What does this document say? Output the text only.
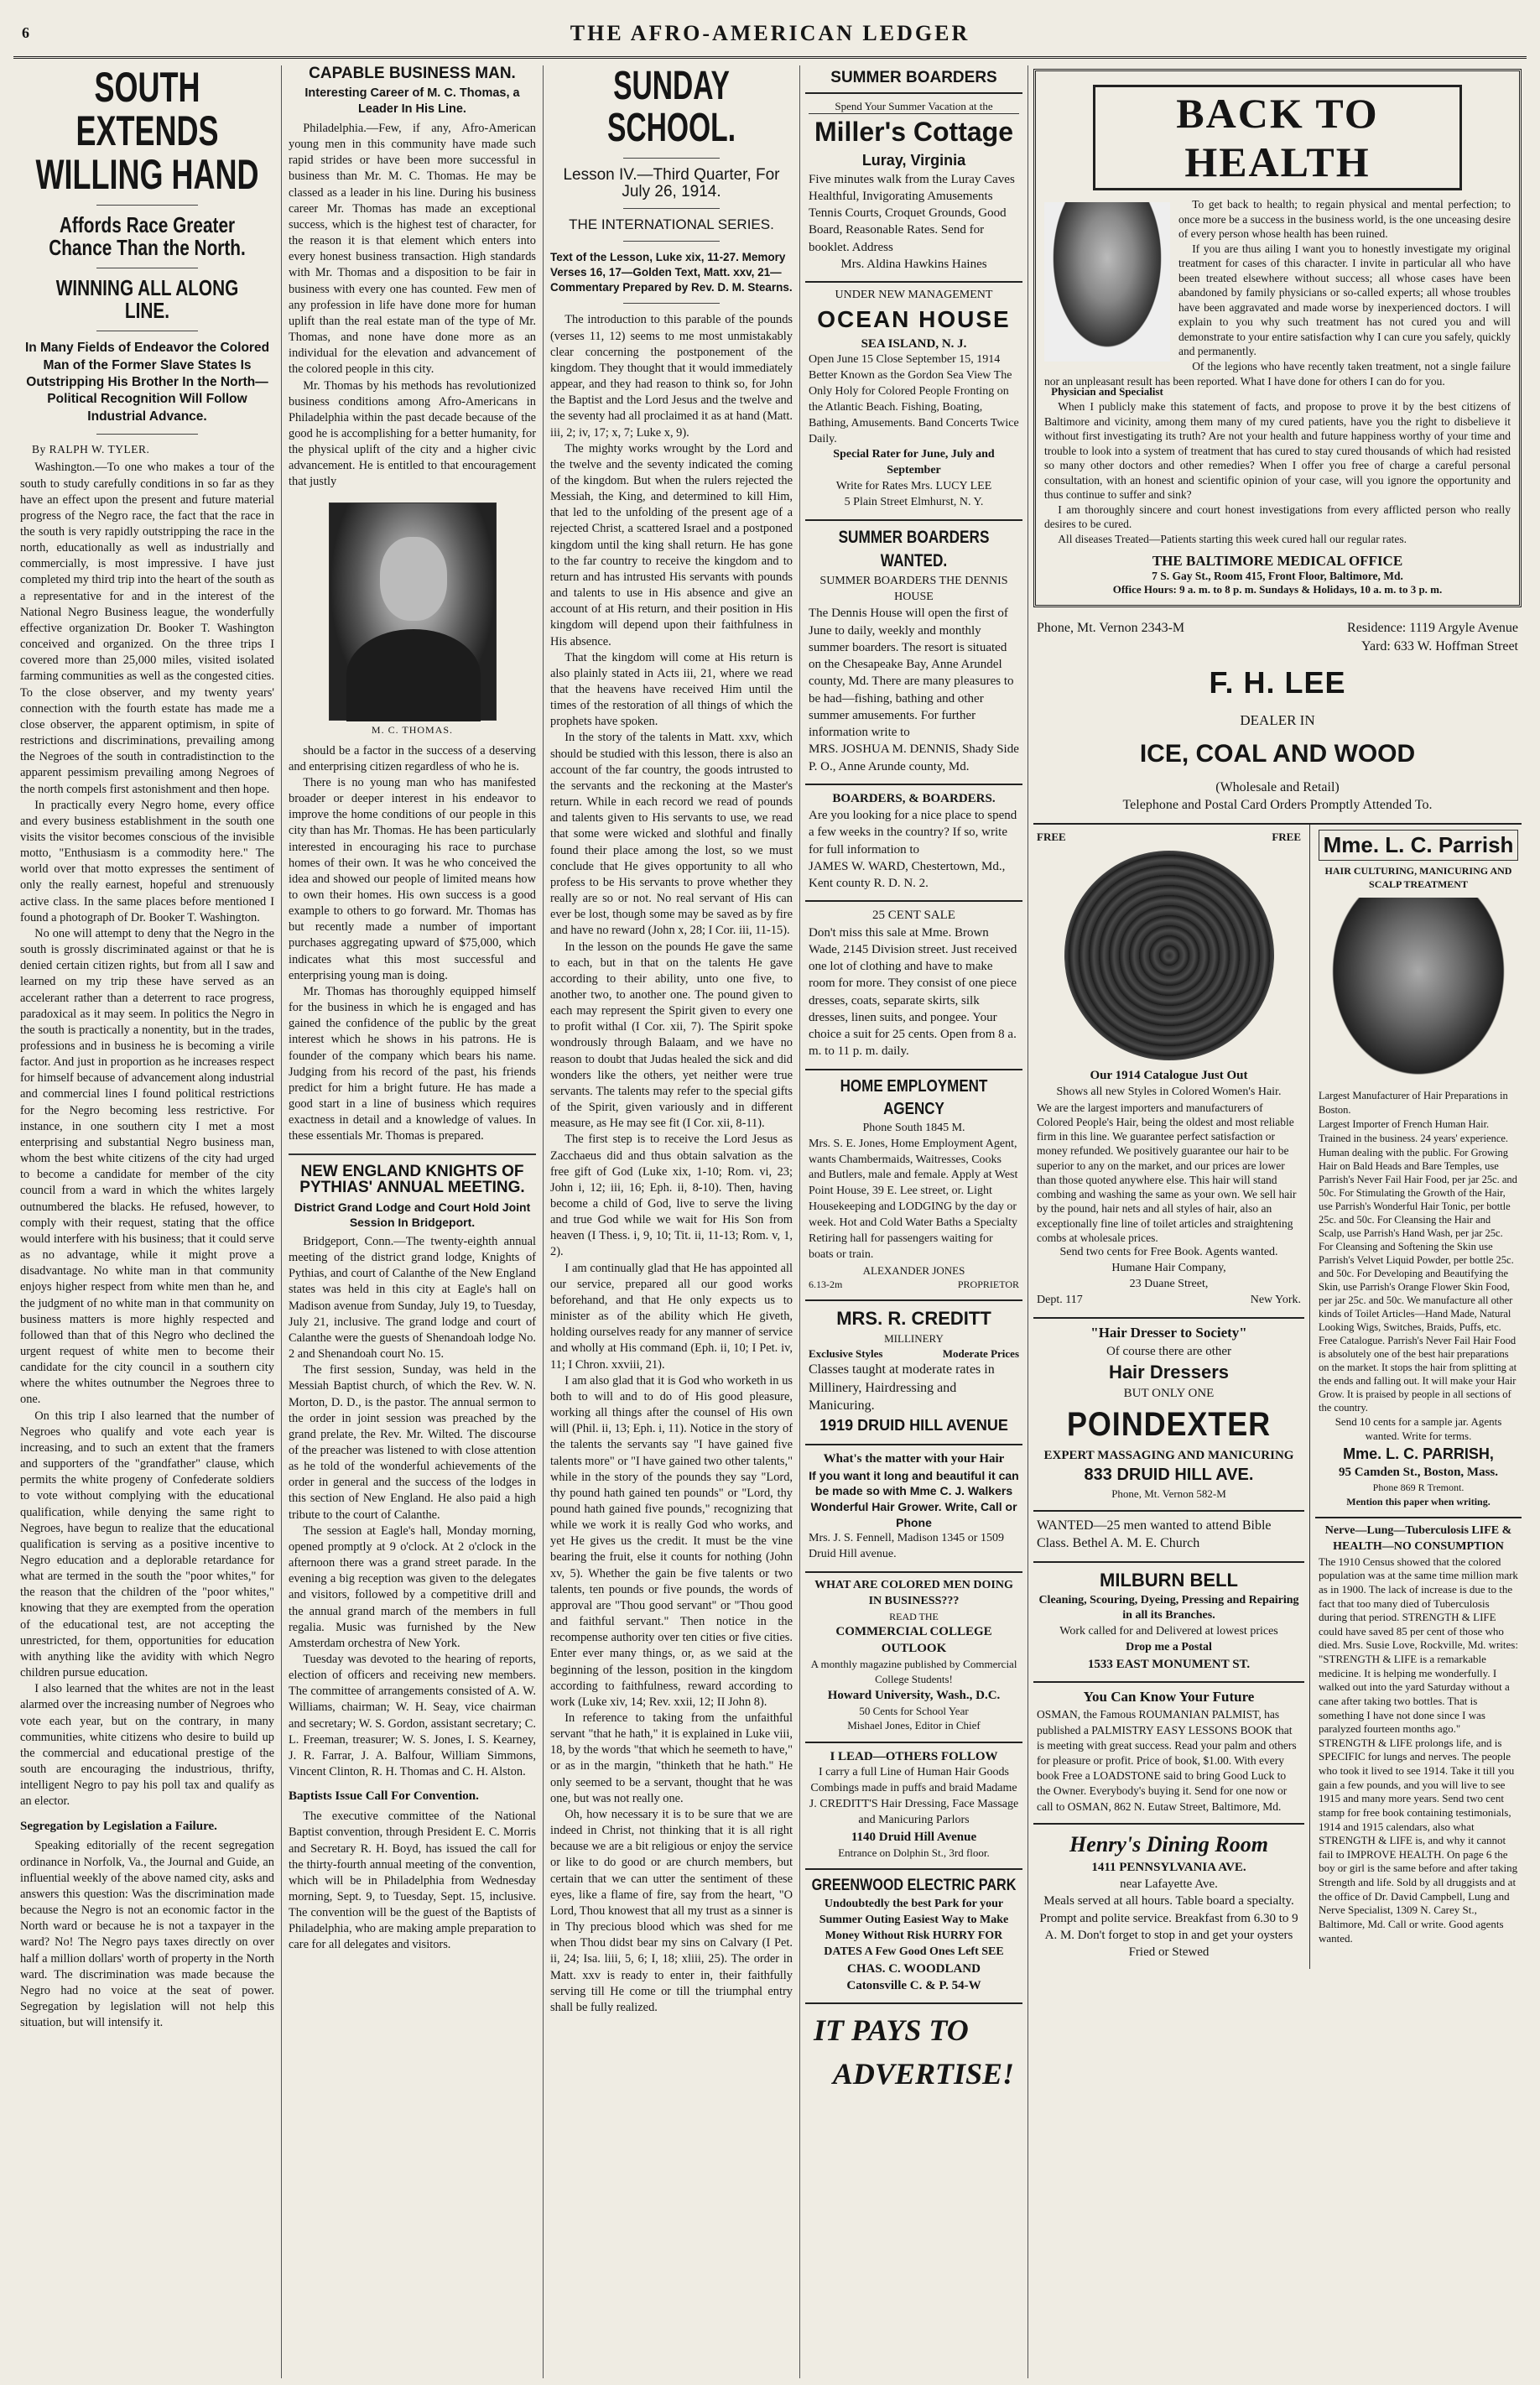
6	THE AFRO-AMERICAN LEDGER
SOUTH EXTENDS
WILLING HAND
Affords Race Greater Chance Than the North.
WINNING ALL ALONG LINE.
In Many Fields of Endeavor the Colored Man of the Former Slave States Is Outstripping His Brother In the North—Political Recognition Will Follow Industrial Advance.
By RALPH W. TYLER.

Washington.—To one who makes a tour of the south to study carefully conditions in so far as they have an effect upon the present and future material progress of the Negro race, the fact that the race in the south is very rapidly outstripping the race in the north, educationally as well as industrially and commercially, is most impressive. I have just completed my third trip into the heart of the south as a representative for and in the interest of the National Negro Business league, the wonderfully effective organization Dr. Booker T. Washington conceived and organized. On the three trips I covered more than 25,000 miles, visited isolated farming communities as well as the congested cities. To the close observer, and my twenty years' connection with the fourth estate has made me a close observer, the apparent optimism, in spite of restrictions and discriminations, prevailing among the Negroes of the south in contradistinction to the apparent pessimism prevailing among Negroes of the north compels first astonishment and then hope.

In practically every Negro home, every office and every business establishment in the south one visits the visitor becomes conscious of the invisible motto, "Enthusiasm is a commodity here." The world over that motto expresses the sentiment of only the really earnest, hopeful and strenuously active class. In the same places before mentioned I found a photograph of Dr. Booker T. Washington.

No one will attempt to deny that the Negro in the south is grossly discriminated against or that he is denied certain citizen rights, but from all I saw and learned on my trip these have served as an accelerant rather than a deterrent to race progress, paradoxical as it may seem. In politics the Negro in the south is practically a nonentity, but in the trades, professions and in business he is becoming a virile factor. And just in proportion as he increases respect for himself because of advancement along industrial and commercial lines I found political restrictions for the Negro becoming less restrictive. For instance, in one southern city I met a most enterprising and substantial Negro business man, whom the best white citizens of the city had urged to become a candidate for member of the city council from a ward in which the whites largely outnumbered the blacks. He refused, however, to comply with their request, stating that the office would interfere with his business; that it could serve as no advantage, while it might prove a disadvantage. No white man in that community enjoys higher respect from white men than he, and the judgment of no white man in that community on business matters is more highly respected and followed than that of this Negro who declined the urgent request of white men to become their candidate for the city council in a southern city where the whites outnumber the Negroes three to one.

On this trip I also learned that the number of Negroes who qualify and vote each year is increasing, and to such an extent that the framers and supporters of the "grandfather" clause, which permits the white progeny of Confederate soldiers to vote without complying with the educational qualification, while denying the same right to Negroes, have begun to realize that the educational qualification is serving as a positive incentive to Negro education and a deplorable retardance for what are termed in the south the "poor whites," for the reason that the children of the "poor whites," knowing that they are exempted from the operation of the educational test, are not accepting the unrestricted, for them, opportunities for education with anything like the avidity with which Negro children pursue education.

I also learned that the whites are not in the least alarmed over the increasing number of Negroes who vote each year, but on the contrary, in many communities, white citizens who desire to build up the commercial and educational prestige of the south are encouraging the industrious, thrifty, intelligent Negro to pay his poll tax and qualify as an elector.

Segregation by Legislation a Failure.

Speaking editorially of the recent segregation ordinance in Norfolk, Va., the Journal and Guide, an influential weekly of the above named city, asks and answers this question: Was the discrimination made because the Negro is not an economic factor in the North ward or because he is not a taxpayer in the ward? No! The Negro pays taxes directly on over half a million dollars' worth of property in the North ward. The discrimination was made because the Negro had no voice at the seat of power. Segregation by legislation will not help this situation, but will intensify it.

CAPABLE BUSINESS MAN.
Interesting Career of M. C. Thomas, a Leader In His Line.

Philadelphia.—Few, if any, Afro-American young men in this community have made such rapid strides or have been more successful in business than Mr. M. C. Thomas. He may be classed as a leader in his line. During his business career Mr. Thomas has made an exceptional success, which is the highest test of character, for the reason it is that element which enters into every honest business transaction. High standards with Mr. Thomas and a disposition to be fair in business with every one has counted. Few men of any profession in life have done more for human uplift than the real estate man of the type of Mr. Thomas, and none have done more as an individual for the elevation and advancement of the colored people in this city.

Mr. Thomas by his methods has revolutionized business conditions among Afro-Americans in Philadelphia within the past decade because of the good he is accomplishing for a better humanity, for the physical uplift of the city and a higher civic advancement. He is entitled to that encouragement that justly

M. C. THOMAS.

should be a factor in the success of a deserving and enterprising citizen regardless of who he is.

There is no young man who has manifested broader or deeper interest in his endeavor to improve the home conditions of our people in this city than has Mr. Thomas. He has been particularly interested in encouraging his race to purchase homes of their own. It was he who conceived the idea and showed our people of limited means how to own their homes. His own success is a good example to others to go forward. Mr. Thomas has but recently made a number of important purchases aggregating upward of $75,000, which indicates what this most successful and enterprising young man is doing.

Mr. Thomas has thoroughly equipped himself for the business in which he is engaged and has gained the confidence of the public by the great interest which he shows in his patrons. He is founder of the company which bears his name. Judging from his record of the past, his friends predict for him a bright future. He has made a good start in a line of business which requires exactness in detail and a knowledge of values. In these essentials Mr. Thomas is prepared.

NEW ENGLAND KNIGHTS OF PYTHIAS' ANNUAL MEETING.
District Grand Lodge and Court Hold Joint Session In Bridgeport.

Bridgeport, Conn.—The twenty-eighth annual meeting of the district grand lodge, Knights of Pythias, and court of Calanthe of the New England states was held in this city at Eagle's hall on Madison avenue from Sunday, July 19, to Tuesday, July 21, inclusive. The grand lodge and court of Calanthe were the guests of Shenandoah lodge No. 2 and Shenandoah court No. 15.

The first session, Sunday, was held in the Messiah Baptist church, of which the Rev. W. N. Morton, D. D., is the pastor. The annual sermon to the order in joint session was preached by the grand prelate, the Rev. Mr. Wilted. The discourse of the preacher was listened to with close attention as he told of the wonderful achievements of the order in general and the success of the lodges in this section of New England. He also paid a high tribute to the court of Calanthe.

The session at Eagle's hall, Monday morning, opened promptly at 9 o'clock. At 2 o'clock in the afternoon there was a grand street parade. In the evening a big reception was given to the delegates and visitors, followed by a competitive drill and the annual grand march of the members in full regalia. Music was furnished by the New Amsterdam orchestra of New York.

Tuesday was devoted to the hearing of reports, election of officers and receiving new members. The committee of arrangements consisted of A. W. Williams, chairman; W. H. Seay, vice chairman and secretary; W. S. Gordon, assistant secretary; C. L. Freeman, treasurer; W. S. Jones, I. S. Kearney, J. R. Farrar, J. A. Balfour, William Simmons, Vincent Clinton, R. H. Thomas and C. H. Alston.

Baptists Issue Call For Convention.

The executive committee of the National Baptist convention, through President E. C. Morris and Secretary R. H. Boyd, has issued the call for the thirty-fourth annual meeting of the convention, which will be in Philadelphia from Wednesday morning, Sept. 9, to Tuesday, Sept. 15, inclusive. The convention will be the guest of the Baptists of Philadelphia, who are making ample preparation to care for all delegates and visitors.

SUNDAY SCHOOL.
Lesson IV.—Third Quarter, For July 26, 1914.
THE INTERNATIONAL SERIES.
Text of the Lesson, Luke xix, 11-27. Memory Verses 16, 17—Golden Text, Matt. xxv, 21—Commentary Prepared by Rev. D. M. Stearns.

The introduction to this parable of the pounds (verses 11, 12) seems to me most unmistakably clear concerning the postponement of the kingdom. They thought that it would immediately appear, and they had reason to think so, for John the Baptist and the Lord Jesus and the twelve and the seventy had all proclaimed it as at hand (Matt. iii, 2; iv, 17; x, 7; Luke x, 9).

The mighty works wrought by the Lord and the twelve and the seventy indicated the coming of the kingdom. But when the rulers rejected the Messiah, the King, and determined to kill Him, that led to the unfolding of the present age of a rejected Christ, a scattered Israel and a postponed kingdom until the king shall return. He has gone to the far country to receive the kingdom and to return and has intrusted His servants with pounds and talents to use in His absence and give an account of at His return, and their position in His kingdom will depend upon their faithfulness in His absence.

That the kingdom will come at His return is also plainly stated in Acts iii, 21, where we read that the heavens have received Him until the times of the restoration of all things of which the prophets have spoken.

In the story of the talents in Matt. xxv, which should be studied with this lesson, there is also an account of the far country, the goods intrusted to the servants and the reckoning at the Master's return. While in each record we read of pounds and talents given to His servants to use, we read that some were wicked and slothful and finally found their place among the lost, so we must conclude that He gives opportunity to all who profess to be His servants to prove whether they really are so or not. No real servant of His can ever be lost, though some may be saved as by fire and have no reward (John x, 28; I Cor. iii, 11-15).

In the lesson on the pounds He gave the same to each, but in that on the talents He gave according to their ability, unto one five, to another two, to another one. The pound given to each may represent the Spirit given to every one to profit withal (I Cor. xii, 7). The Spirit spoke wondrously through Balaam, and we have no reason to doubt that Judas healed the sick and did wonders like the others, yet neither were true servants. The talents may refer to the special gifts of the Spirit, given variously and in different measure, as He may see fit (I Cor. xii, 8-11).

The first step is to receive the Lord Jesus as Zacchaeus did and thus obtain salvation as the free gift of God (Luke xix, 1-10; Rom. vi, 23; John i, 12; iii, 16; Eph. ii, 8-10). Then, having become a child of God, live to serve the living and true God while we wait for His Son from heaven (I Thess. i, 9, 10; Tit. ii, 11-13; Rom. v, 1, 2).

I am continually glad that He has appointed all our service, prepared all our good works beforehand, and that He only expects us to minister as of the ability which He giveth, holding ourselves ready for any manner of service and wholly at His command (Eph. ii, 10; I Pet. iv, 11; I Chron. xxviii, 21).

I am also glad that it is God who worketh in us both to will and to do of His good pleasure, working all things after the counsel of His own will (Phil. ii, 13; Eph. i, 11). Notice in the story of the talents the servants say "I have gained five talents more" or "I have gained two other talents," while in the story of the pounds they say "Lord, thy pound hath gained ten pounds" or "Lord, thy pound hath gained five pounds," recognizing that while we work it is really God who works, and yet He gives us the credit. It must be the vine bearing the fruit, else it counts for nothing (John xv, 5). Whether the gain be five talents or two talents, ten pounds or five pounds, the words of approval are "Thou good servant" or "Thou good and faithful servant." Then notice in the recompense authority over ten cities or five cities. Enter ever many things, or, as we said at the beginning of the lesson, position in the kingdom according to faithfulness, reward according to work (Luke xiv, 14; Rev. xxii, 12; II John 8).

In reference to taking from the unfaithful servant "that he hath," it is explained in Luke viii, 18, by the words "that which he seemeth to have," or as in the margin, "thinketh that he hath." He only seemed to be a servant, thought that he was one, but was not really one.

Oh, how necessary it is to be sure that we are indeed in Christ, not thinking that it is all right because we are a bit religious or enjoy the service or like to do good or are church members, but certain that we can utter the sentiment of these eyes, like a flame of fire, say from the heart, "O Lord, Thou knowest that all my trust as a sinner is in Thy precious blood which was shed for me when Thou didst bear my sins on Calvary (I Pet. ii, 24; Isa. liii, 5, 6; I, 18; xliii, 25). The order in Matt. xxv is ready to enter in, their faithfully serving till He come or till the triumphal entry shall be fully realized.

SUMMER BOARDERS
Spend Your Summer Vacation at the
Miller's Cottage
Luray, Virginia
Five minutes walk from the Luray Caves Healthful, Invigorating Amusements Tennis Courts, Croquet Grounds, Good Board, Reasonable Rates. Send for booklet. Address
Mrs. Aldina Hawkins Haines
UNDER NEW MANAGEMENT
OCEAN HOUSE
SEA ISLAND, N. J.
Open June 15 Close September 15, 1914 Better Known as the Gordon Sea View The Only Holy for Colored People Fronting on the Atlantic Beach. Fishing, Boating, Bathing, Amusements. Band Concerts Twice Daily.
Special Rater for June, July and September
Write for Rates Mrs. LUCY LEE
5 Plain Street Elmhurst, N. Y.
SUMMER BOARDERS WANTED.
SUMMER BOARDERS THE DENNIS HOUSE
The Dennis House will open the first of June to daily, weekly and monthly summer boarders. The resort is situated on the Chesapeake Bay, Anne Arundel county, Md. There are many pleasures to be had—fishing, bathing and other summer amusements. For further information write to
MRS. JOSHUA M. DENNIS, Shady Side P. O., Anne Arunde county, Md.
BOARDERS, & BOARDERS.
Are you looking for a nice place to spend a few weeks in the country? If so, write for full information to
JAMES W. WARD, Chestertown, Md., Kent county R. D. N. 2.
25 CENT SALE
Don't miss this sale at Mme. Brown Wade, 2145 Division street. Just received one lot of clothing and have to make room for more. They consist of one piece dresses, coats, separate skirts, silk dresses, linen suits, and pongee. Your choice a suit for 25 cents. Open from 8 a. m. to 11 p. m. daily.
HOME EMPLOYMENT AGENCY
Phone South 1845 M.
Mrs. S. E. Jones, Home Employment Agent, wants Chambermaids, Waitresses, Cooks and Butlers, male and female. Apply at West Point House, 39 E. Lee street, or. Light Housekeeping and LODGING by the day or week. Hot and Cold Water Baths a Specialty Retiring hall for passengers waiting for boats or train.
ALEXANDER JONES
6.13-2m	PROPRIETOR
MRS. R. CREDITT
MILLINERY
Exclusive Styles	Moderate Prices
Classes taught at moderate rates in Millinery, Hairdressing and Manicuring.
1919 DRUID HILL AVENUE
What's the matter with your Hair
If you want it long and beautiful it can be made so with Mme C. J. Walkers Wonderful Hair Grower. Write, Call or Phone
Mrs. J. S. Fennell, Madison 1345 or 1509 Druid Hill avenue.
WHAT ARE COLORED MEN DOING IN BUSINESS???
READ THE
COMMERCIAL COLLEGE OUTLOOK
A monthly magazine published by Commercial College Students!
Howard University, Wash., D.C.
50 Cents for School Year
Mishael Jones, Editor in Chief
I LEAD—OTHERS FOLLOW
I carry a full Line of Human Hair Goods Combings made in puffs and braid Madame J. CREDITT'S Hair Dressing, Face Massage and Manicuring Parlors
1140 Druid Hill Avenue
Entrance on Dolphin St., 3rd floor.
GREENWOOD ELECTRIC PARK
Undoubtedly the best Park for your Summer Outing Easiest Way to Make Money Without Risk HURRY FOR DATES A Few Good Ones Left SEE
CHAS. C. WOODLAND
Catonsville C. & P. 54-W
IT PAYS TO
ADVERTISE!
BACK TO HEALTH

To get back to health; to regain physical and mental perfection; to once more be a success in the business world, is the one unceasing desire of every person whose health has been ruined.

If you are thus ailing I want you to honestly investigate my original treatment for cases of this character. I invite in particular all who have been treated elsewhere without success; all whose cases have been abandoned by family physicians or so-called experts; all whose troubles have been aggravated and made worse by inexperienced doctors. I will explain to you why such treatment has not cured you and will demonstrate to your entire satisfaction why I can cure you safely, quickly and permanently.

Of the legions who have recently taken treatment, not a single failure nor an unpleasant result has been reported. What I have done for others I can do for you.

Physician and Specialist

When I publicly make this statement of facts, and propose to prove it by the best citizens of Baltimore and vicinity, among them many of my cured patients, have you the right to disbelieve it without first investigating its truth? Are not your health and future happiness worthy of your time and trouble to look into a system of treatment that has cured to stay cured thousands of which had resisted so many other doctors and other remedies? When I offer you free of charge a careful personal consultation, with an honest and scientific opinion of your case, will you ignore the opportunity and thus continue to suffer and sink?

I am thoroughly sincere and court honest investigations from every afflicted person who really desires to be cured.

All diseases Treated—Patients starting this week cured hall our regular rates.

THE BALTIMORE MEDICAL OFFICE
7 S. Gay St., Room 415, Front Floor, Baltimore, Md.
Office Hours: 9 a. m. to 8 p. m. Sundays & Holidays, 10 a. m. to 3 p. m.
Phone, Mt. Vernon 2343-M	Residence: 1119 Argyle Avenue
Yard: 633 W. Hoffman Street
F. H. LEE
DEALER IN
ICE, COAL AND WOOD
(Wholesale and Retail)
Telephone and Postal Card Orders Promptly Attended To.
FREE	FREE
Our 1914 Catalogue Just Out
Shows all new Styles in Colored Women's Hair.
We are the largest importers and manufacturers of Colored People's Hair, being the oldest and most reliable firm in this line. We guarantee perfect satisfaction or money refunded. We positively guarantee our hair to be superior to any on the market, and our prices are lower than those quoted anywhere else. This hair will stand combing and washing the same as your own. We sell hair by the pound, hair nets and all styles of hair, also an exceptionally fine line of toilet articles and straightening combs at wholesale prices.
Send two cents for Free Book. Agents wanted.
Humane Hair Company,
23 Duane Street,
Dept. 117	New York.
"Hair Dresser to Society"
Of course there are other
Hair Dressers
BUT ONLY ONE
POINDEXTER
EXPERT MASSAGING AND MANICURING
833 DRUID HILL AVE.
Phone, Mt. Vernon 582-M
WANTED—25 men wanted to attend Bible Class. Bethel A. M. E. Church
MILBURN BELL
Cleaning, Scouring, Dyeing, Pressing and Repairing in all its Branches.
Work called for and Delivered at lowest prices
Drop me a Postal
1533 EAST MONUMENT ST.
You Can Know Your Future
OSMAN, the Famous ROUMANIAN PALMIST, has published a PALMISTRY EASY LESSONS BOOK that is meeting with great success. Read your palm and others for pleasure or profit. Price of book, $1.00. With every book Free a LOADSTONE said to bring Good Luck to the Owner. Everybody's buying it. Send for one now or call to OSMAN, 862 N. Eutaw Street, Baltimore, Md.
Henry's Dining Room
1411 PENNSYLVANIA AVE.
near Lafayette Ave.
Meals served at all hours. Table board a specialty. Prompt and polite service. Breakfast from 6.30 to 9 A. M. Don't forget to stop in and get your oysters Fried or Stewed
Mme. L. C. Parrish
HAIR CULTURING, MANICURING AND SCALP TREATMENT
Largest Manufacturer of Hair Preparations in Boston.
Largest Importer of French Human Hair. Trained in the business. 24 years' experience.
Human dealing with the public. For Growing Hair on Bald Heads and Bare Temples, use Parrish's Never Fail Hair Food, per jar 25c. and 50c. For Stimulating the Growth of the Hair, use Parrish's Wonderful Hair Tonic, per bottle 25c. and 50c. For Cleansing the Hair and Scalp, use Parrish's Hand Wash, per jar 25c. For Cleansing and Softening the Skin use Parrish's Velvet Liquid Powder, per bottle 25c. and 50c. For Developing and Beautifying the Skin, use Parrish's Orange Flower Skin Food, per jar 25c. and 50c. We manufacture all other kinds of Toilet Articles—Hand Made, Natural Looking Wigs, Switches, Braids, Puffs, etc. Free Catalogue. Parrish's Never Fail Hair Food is absolutely one of the best hair preparations on the market. It stops the hair from splitting at the ends and falling out. It will make your Hair Grow. It is praised by people in all sections of the country.
Send 10 cents for a sample jar. Agents wanted. Write for terms.
Mme. L. C. PARRISH,
95 Camden St., Boston, Mass.
Phone 869 R Tremont.
Mention this paper when writing.
Nerve—Lung—Tuberculosis LIFE & HEALTH—NO CONSUMPTION
The 1910 Census showed that the colored population was at the same time million mark as in 1900. The lack of increase is due to the fact that too many died of Tuberculosis during that period. STRENGTH & LIFE could have saved 85 per cent of those who died. Mrs. Susie Love, Rockville, Md. writes: "STRENGTH & LIFE is a remarkable medicine. It is helping me wonderfully. I walked out into the yard Saturday without a cane after taking two bottles. That is something I have not done since I was paralyzed fourteen months ago." STRENGTH & LIFE prolongs life, and is SPECIFIC for lungs and nerves. The people who took it lived to see 1914. Take it till you gain a few pounds, and you will live to see 1915 and many more years. Send two cent stamp for free book containing testimonials, 1914 and 1915 calendars, also what STRENGTH & LIFE is, and why it cannot fail to IMPROVE HEALTH. On page 6 the boy or girl is the same before and after taking Strength and life. Sold by all druggists and at the office of Dr. David Campbell, Lung and Nerve Specialist, 1309 N. Carey St., Baltimore, Md. Call or write. Good agents wanted.
